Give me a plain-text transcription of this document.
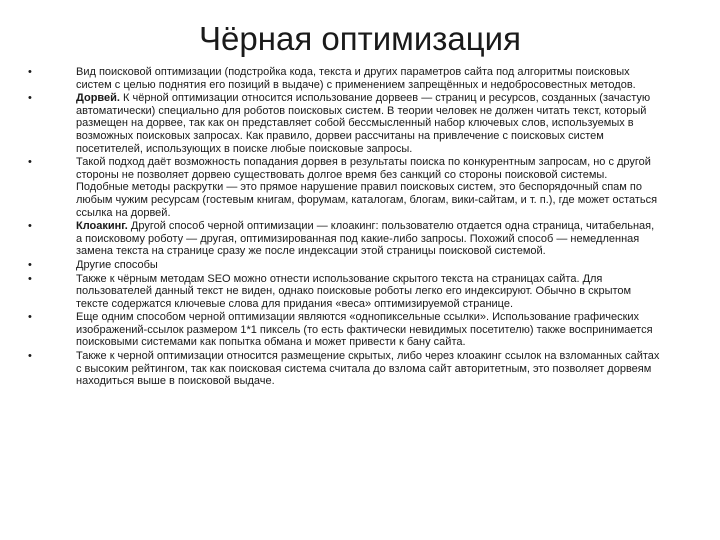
Чёрная оптимизация
•	Вид поисковой оптимизации (подстройка кода, текста и других параметров сайта под алгоритмы поисковых систем с целью поднятия его позиций в выдаче) с применением запрещённых и недобросовестных методов.
•	Дорвей. К чёрной оптимизации относится использование дорвеев — страниц и ресурсов, созданных (зачастую автоматически) специально для роботов поисковых систем. В теории человек не должен читать текст, который размещен на дорвее, так как он представляет собой бессмысленный набор ключевых слов, используемых в возможных поисковых запросах. Как правило, дорвеи рассчитаны на привлечение с поисковых систем посетителей, использующих в поиске любые поисковые запросы.
•	Такой подход даёт возможность попадания дорвея в результаты поиска по конкурентным запросам, но с другой стороны не позволяет дорвею существовать долгое время без санкций со стороны поисковой системы. Подобные методы раскрутки — это прямое нарушение правил поисковых систем, это беспорядочный спам по любым чужим ресурсам (гостевым книгам, форумам, каталогам, блогам, вики-сайтам, и т. п.), где может остаться ссылка на дорвей.
•	Клоакинг. Другой способ черной оптимизации — клоакинг: пользователю отдается одна страница, читабельная, а поисковому роботу — другая, оптимизированная под какие-либо запросы. Похожий способ — немедленная замена текста на странице сразу же после индексации этой страницы поисковой системой.
•	Другие способы
•	Также к чёрным методам SEO можно отнести использование скрытого текста на страницах сайта. Для пользователей данный текст не виден, однако поисковые роботы легко его индексируют. Обычно в скрытом тексте содержатся ключевые слова для придания «веса» оптимизируемой странице.
•	Еще одним способом черной оптимизации являются «однопиксельные ссылки». Использование графических изображений-ссылок размером 1*1 пиксель (то есть фактически невидимых посетителю) также воспринимается поисковыми системами как попытка обмана и может привести к бану сайта.
•	Также к черной оптимизации относится размещение скрытых, либо через клоакинг ссылок на взломанных сайтах с высоким рейтингом, так как поисковая система считала до взлома сайт авторитетным, это позволяет дорвеям находиться выше в поисковой выдаче.
